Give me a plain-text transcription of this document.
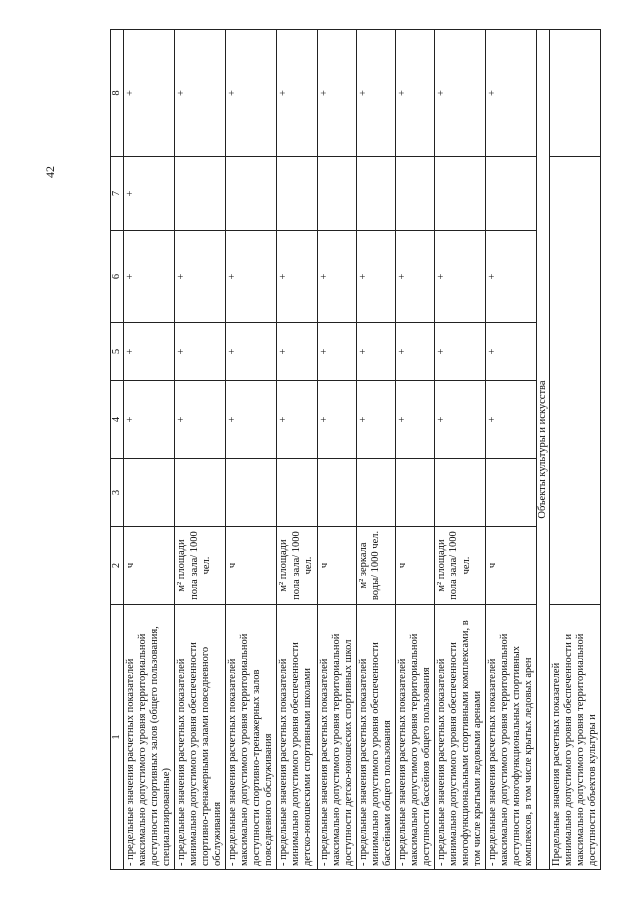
42
1	2	3	4	5	6	7	8
- предельные значения расчетных показателей максимально допустимого уровня территориальной доступности спортивных залов (общего пользования, специализированные)	ч		+	+	+	+	+
- предельные значения расчетных показателей минимально допустимого уровня обеспеченности спортивно-тренажерными залами повседневного обслуживания	м² площади пола зала/ 1000 чел.		+	+	+		+
- предельные значения расчетных показателей максимально допустимого уровня территориальной доступности спортивно-тренажерных залов повседневного обслуживания	ч		+	+	+		+
- предельные значения расчетных показателей минимально допустимого уровня обеспеченности детско-юношескими спортивными школами	м² площади пола зала/ 1000 чел.		+	+	+		+
- предельные значения расчетных показателей максимально допустимого уровня территориальной доступности детско-юношеских спортивных школ	ч		+	+	+		+
- предельные значения расчетных показателей минимально допустимого уровня обеспеченности бассейнами общего пользования	м² зеркала воды/ 1000 чел.		+	+	+		+
- предельные значения расчетных показателей максимально допустимого уровня территориальной доступности бассейнов общего пользования	ч		+	+	+		+
- предельные значения расчетных показателей минимально допустимого уровня обеспеченности многофункциональными спортивными комплексами, в том числе крытыми ледовыми аренами	м² площади пола зала/ 1000 чел.		+	+	+		+
- предельные значения расчетных показателей максимально допустимого уровня территориальной доступности многофункциональных спортивных комплексов, в том числе крытых ледовых арен	ч		+	+	+		+
Объекты культуры и искусства							
Предельные значения расчетных показателей минимально допустимого уровня обеспеченности и максимально допустимого уровня территориальной доступности объектов культуры и							
